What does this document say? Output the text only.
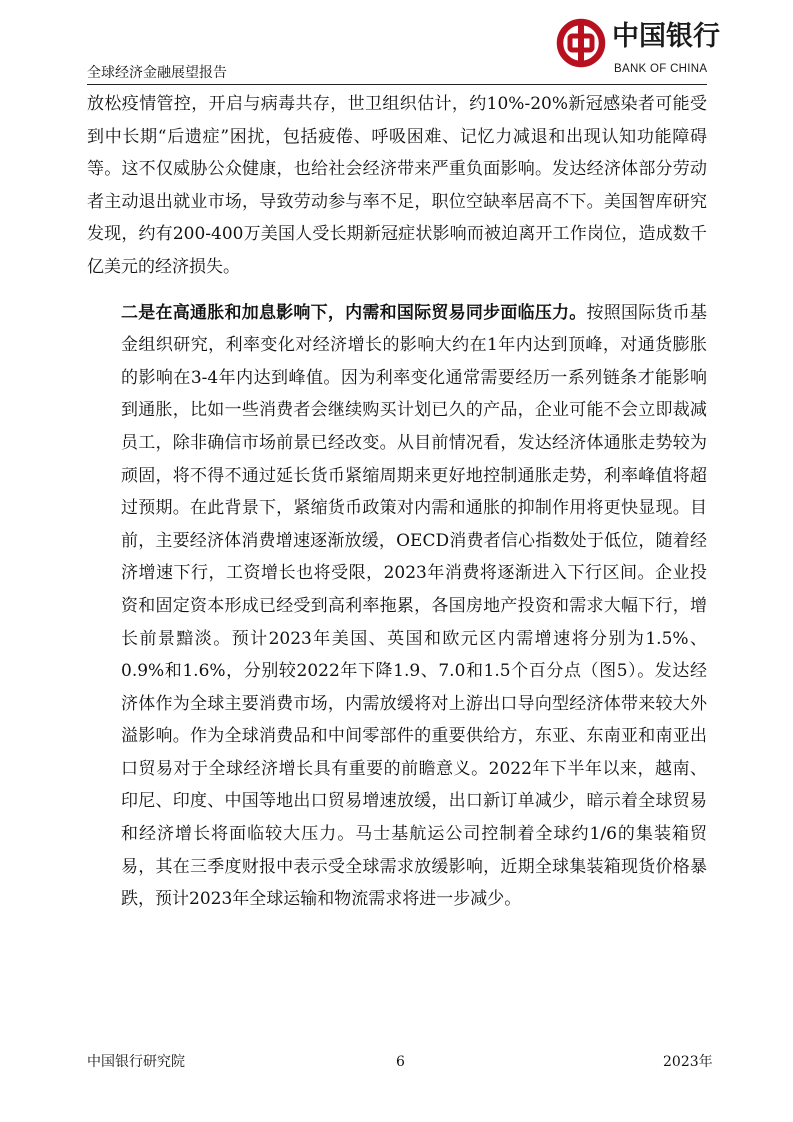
中国银行
BANK OF CHINA
全球经济金融展望报告

放松疫情管控，开启与病毒共存，世卫组织估计，约10%-20%新冠感染者可能受到中长期“后遗症”困扰，包括疲倦、呼吸困难、记忆力减退和出现认知功能障碍等。这不仅威胁公众健康，也给社会经济带来严重负面影响。发达经济体部分劳动者主动退出就业市场，导致劳动参与率不足，职位空缺率居高不下。美国智库研究发现，约有200-400万美国人受长期新冠症状影响而被迫离开工作岗位，造成数千亿美元的经济损失。

二是在高通胀和加息影响下，内需和国际贸易同步面临压力。按照国际货币基金组织研究，利率变化对经济增长的影响大约在1年内达到顶峰，对通货膨胀的影响在3-4年内达到峰值。因为利率变化通常需要经历一系列链条才能影响到通胀，比如一些消费者会继续购买计划已久的产品，企业可能不会立即裁减员工，除非确信市场前景已经改变。从目前情况看，发达经济体通胀走势较为顽固，将不得不通过延长货币紧缩周期来更好地控制通胀走势，利率峰值将超过预期。在此背景下，紧缩货币政策对内需和通胀的抑制作用将更快显现。目前，主要经济体消费增速逐渐放缓，OECD消费者信心指数处于低位，随着经济增速下行，工资增长也将受限，2023年消费将逐渐进入下行区间。企业投资和固定资本形成已经受到高利率拖累，各国房地产投资和需求大幅下行，增长前景黯淡。预计2023年美国、英国和欧元区内需增速将分别为1.5%、0.9%和1.6%，分别较2022年下降1.9、7.0和1.5个百分点（图5）。发达经济体作为全球主要消费市场，内需放缓将对上游出口导向型经济体带来较大外溢影响。作为全球消费品和中间零部件的重要供给方，东亚、东南亚和南亚出口贸易对于全球经济增长具有重要的前瞻意义。2022年下半年以来，越南、印尼、印度、中国等地出口贸易增速放缓，出口新订单减少，暗示着全球贸易和经济增长将面临较大压力。马士基航运公司控制着全球约1/6的集装箱贸易，其在三季度财报中表示受全球需求放缓影响，近期全球集装箱现货价格暴跌，预计2023年全球运输和物流需求将进一步减少。

中国银行研究院	6	2023年
